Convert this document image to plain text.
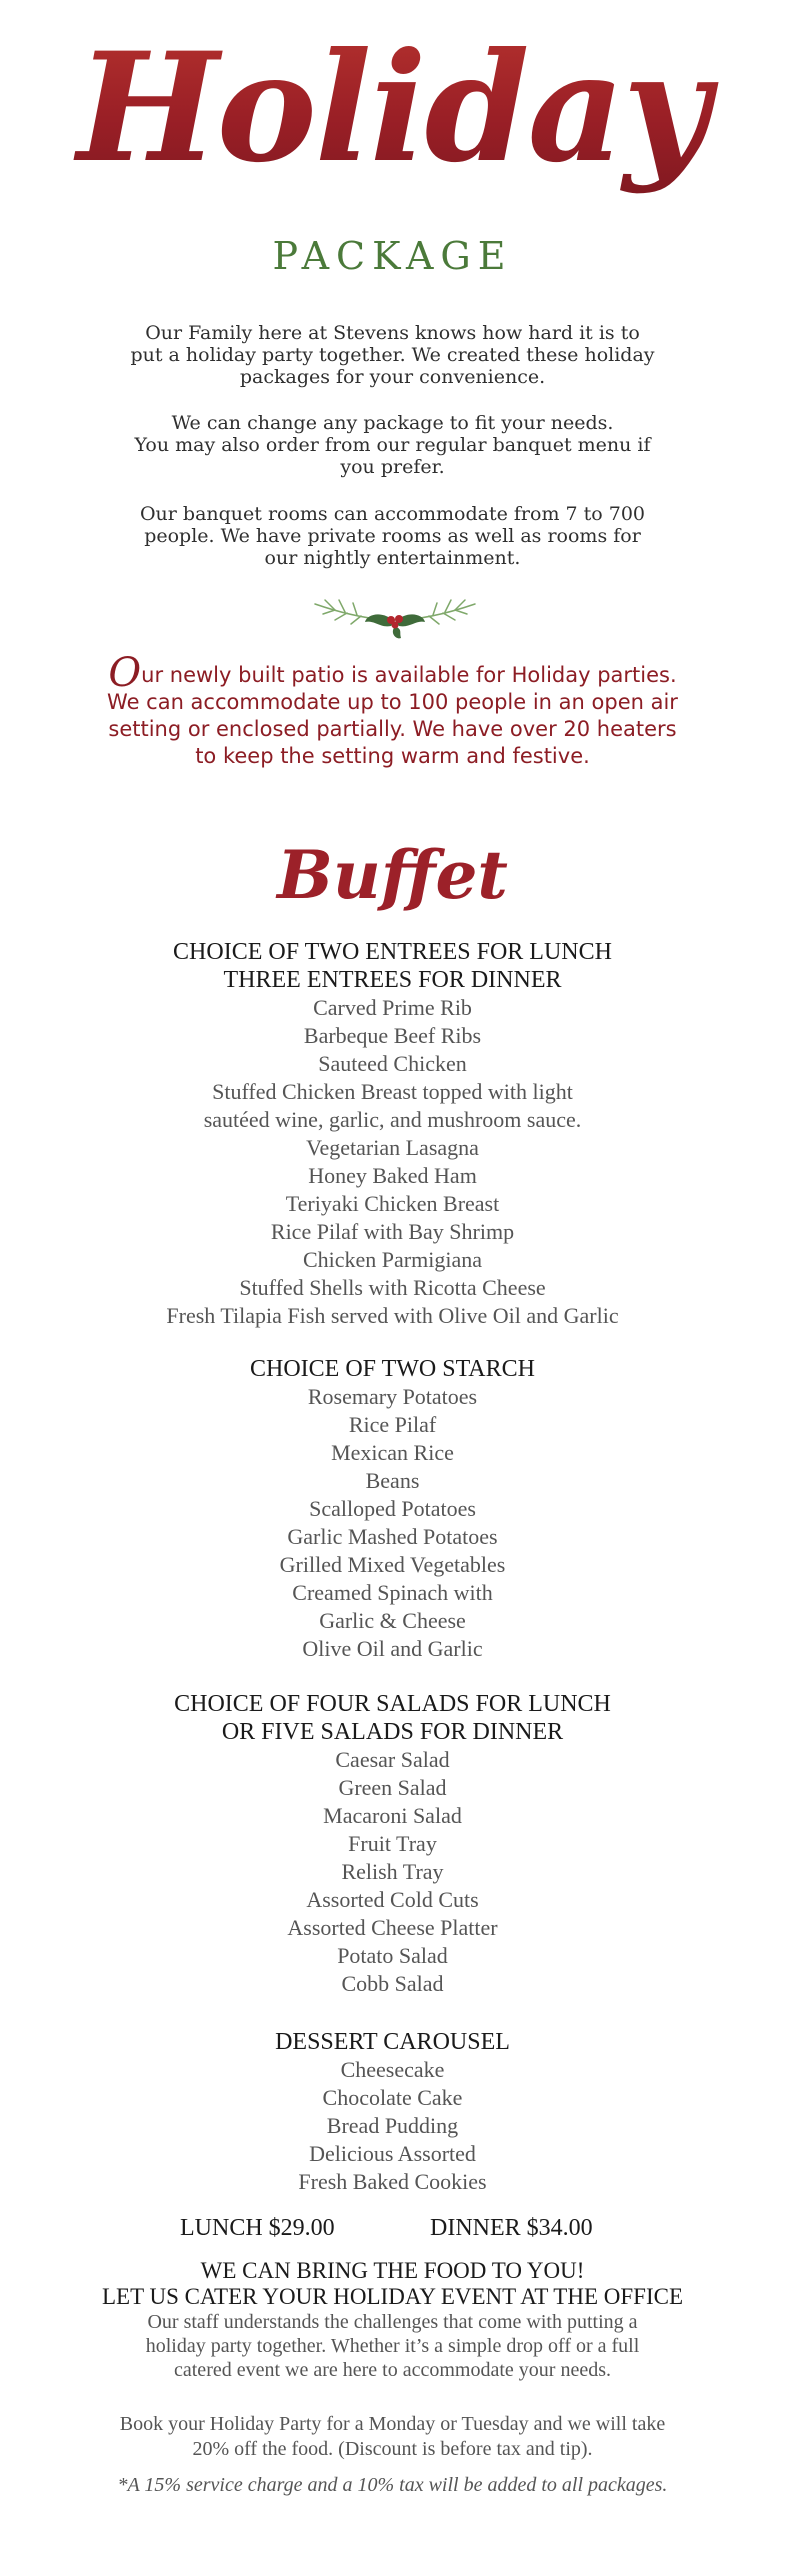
Holiday
PACKAGE

Our Family here at Stevens knows how hard it is to

put a holiday party together. We created these holiday

packages for your convenience.

We can change any package to fit your needs.

You may also order from our regular banquet menu if

you prefer.

Our banquet rooms can accommodate from 7 to 700

people. We have private rooms as well as rooms for

our nightly entertainment.

Our newly built patio is available for Holiday parties.
We can accommodate up to 100 people in an open air
setting or enclosed partially. We have over 20 heaters
to keep the setting warm and festive.
Buffet

CHOICE OF TWO ENTREES FOR LUNCH

THREE ENTREES FOR DINNER

Carved Prime Rib

Barbeque Beef Ribs

Sauteed Chicken

Stuffed Chicken Breast topped with light

sautéed wine, garlic, and mushroom sauce.

Vegetarian Lasagna

Honey Baked Ham

Teriyaki Chicken Breast

Rice Pilaf with Bay Shrimp

Chicken Parmigiana

Stuffed Shells with Ricotta Cheese

Fresh Tilapia Fish served with Olive Oil and Garlic

CHOICE OF TWO STARCH

Rosemary Potatoes

Rice Pilaf

Mexican Rice

Beans

Scalloped Potatoes

Garlic Mashed Potatoes

Grilled Mixed Vegetables

Creamed Spinach with

Garlic & Cheese

Olive Oil and Garlic

CHOICE OF FOUR SALADS FOR LUNCH

OR FIVE SALADS FOR DINNER

Caesar Salad

Green Salad

Macaroni Salad

Fruit Tray

Relish Tray

Assorted Cold Cuts

Assorted Cheese Platter

Potato Salad

Cobb Salad

DESSERT CAROUSEL

Cheesecake

Chocolate Cake

Bread Pudding

Delicious Assorted

Fresh Baked Cookies

LUNCH $29.00	DINNER $34.00

WE CAN BRING THE FOOD TO YOU!

LET US CATER YOUR HOLIDAY EVENT AT THE OFFICE

Our staff understands the challenges that come with putting a

holiday party together. Whether it’s a simple drop off or a full

catered event we are here to accommodate your needs.

Book your Holiday Party for a Monday or Tuesday and we will take
20% off the food. (Discount is before tax and tip).

*A 15% service charge and a 10% tax will be added to all packages.
